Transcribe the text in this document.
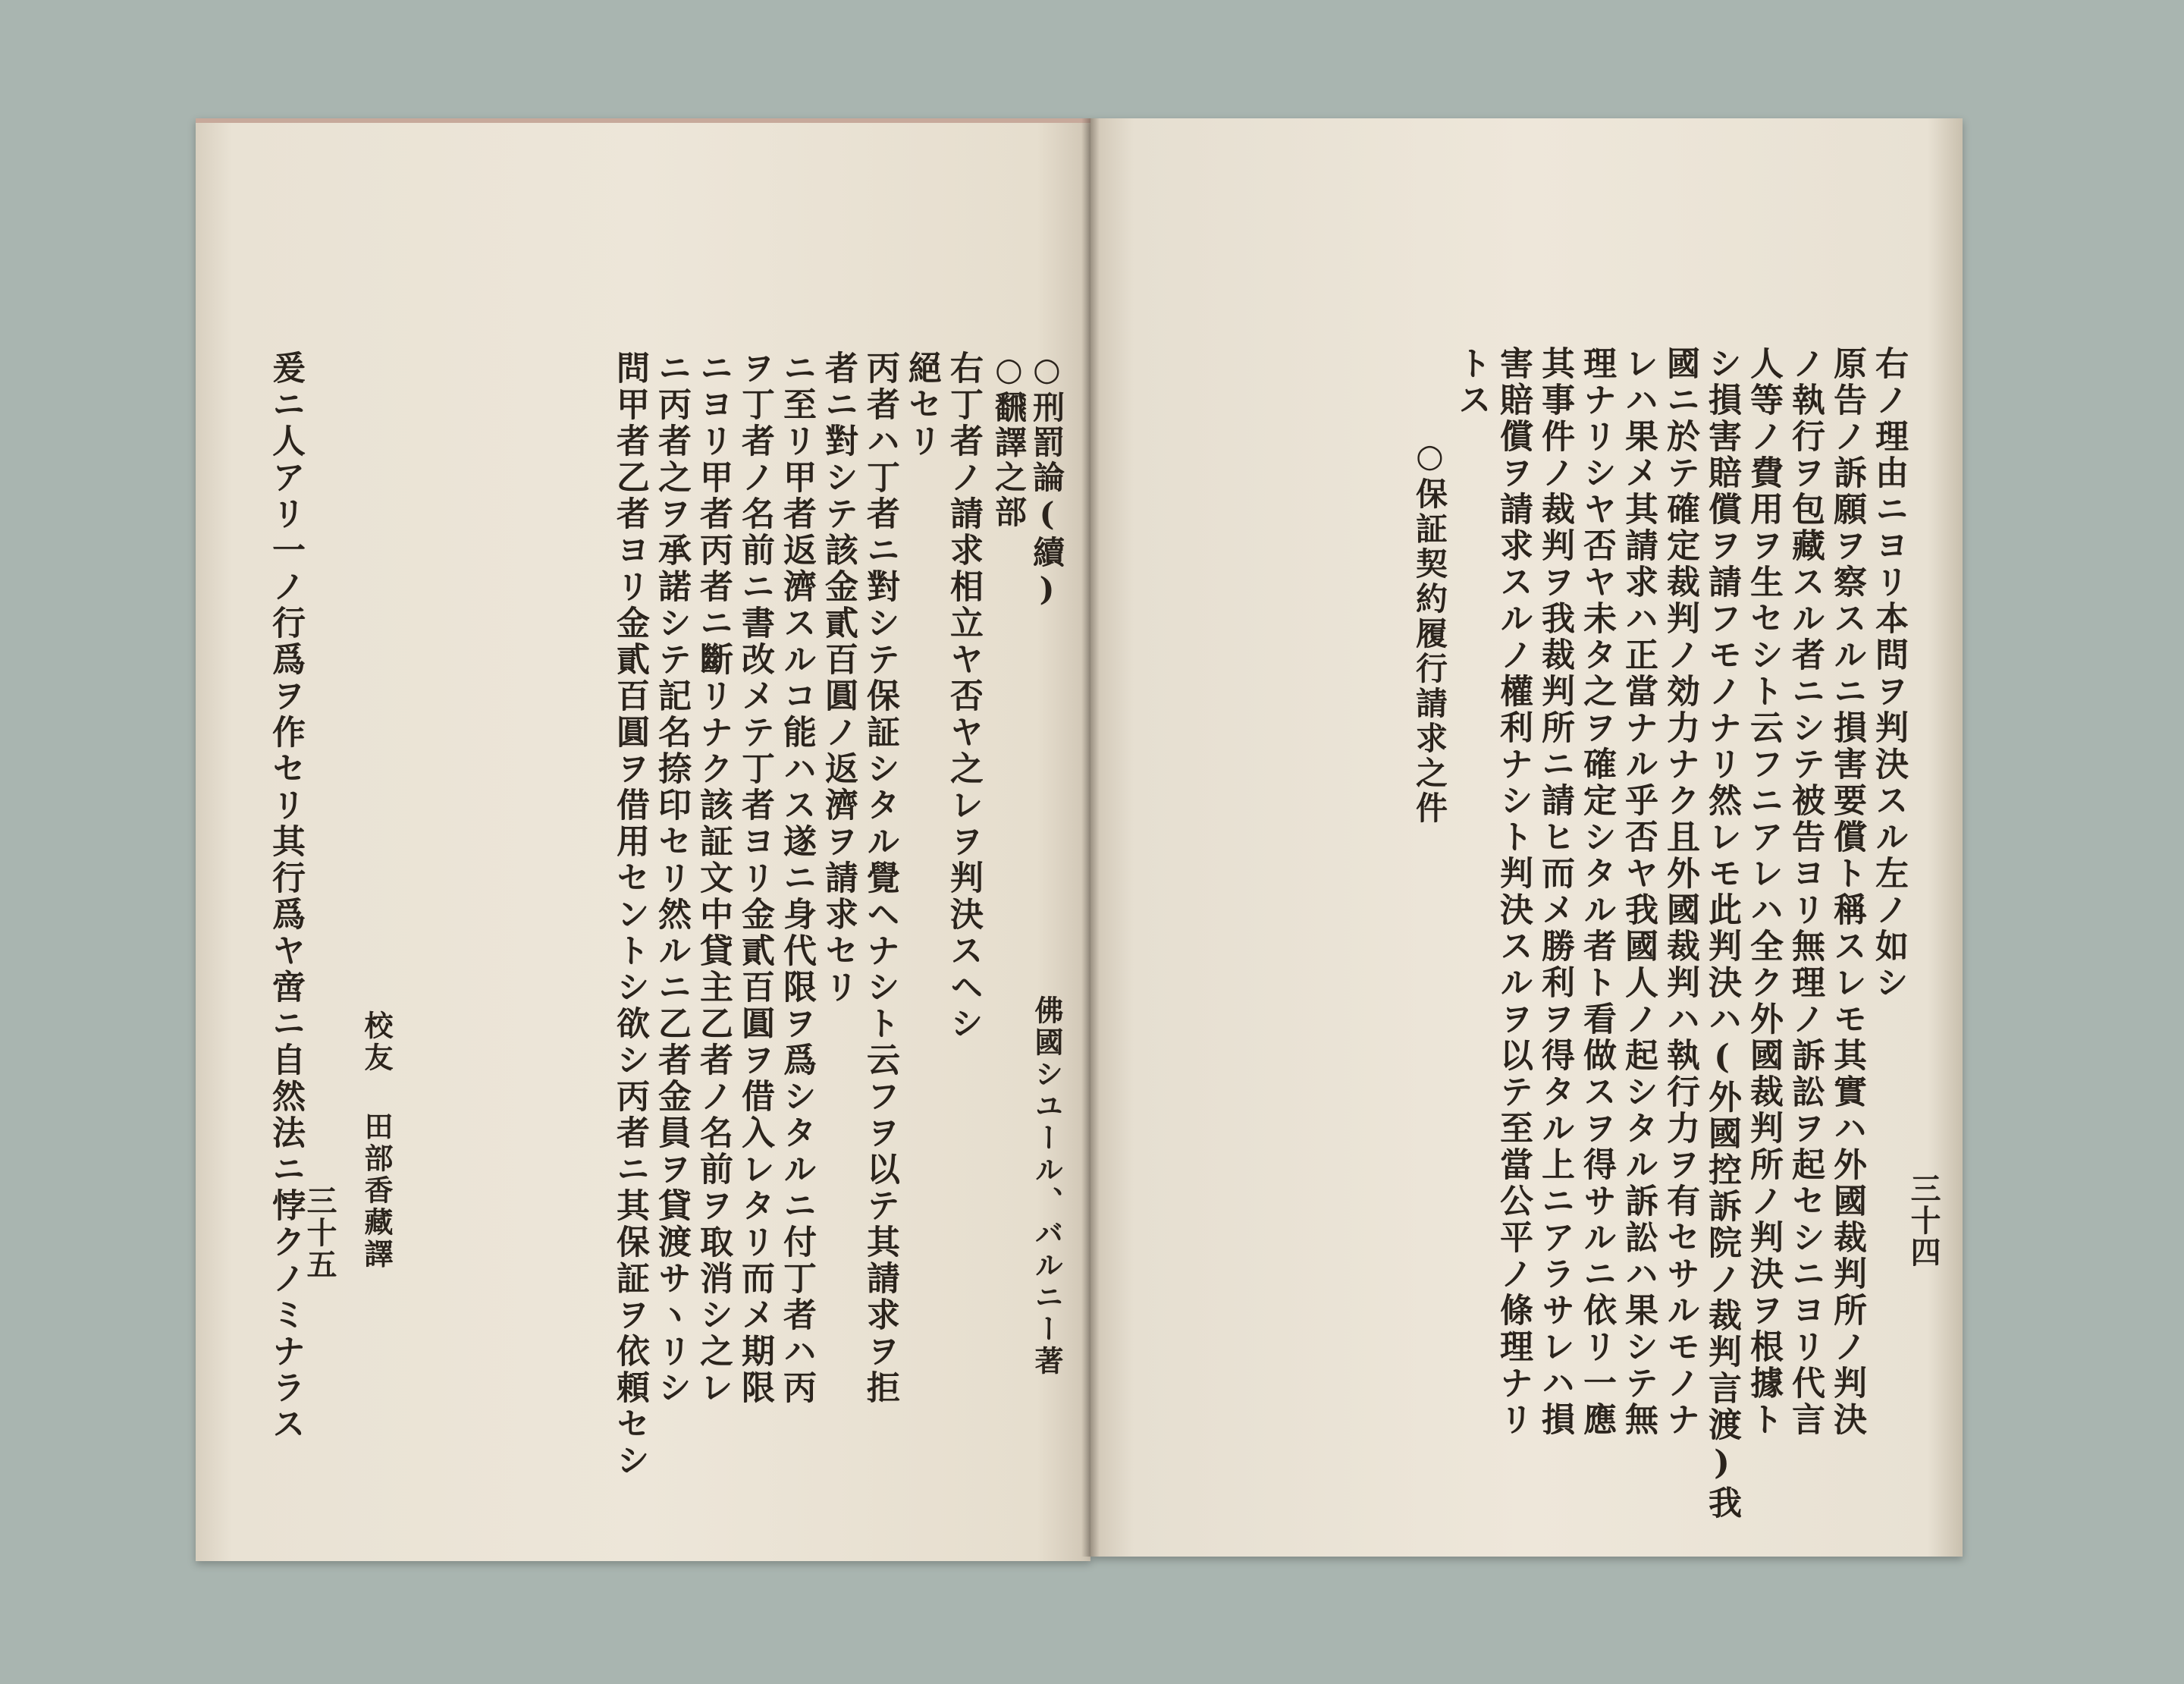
問甲者乙者ヨリ金貳百圓ヲ借用セントシ欲シ丙者ニ其保証ヲ依頼セシ ニ丙者之ヲ承諾シテ記名捺印セリ然ルニ乙者金員ヲ貸渡サヽリシ ニヨリ甲者丙者ニ斷リナク該証文中貸主乙者ノ名前ヲ取消シ之レ ヲ丁者ノ名前ニ書改メテ丁者ヨリ金貳百圓ヲ借入レタリ而メ期限 ニ至リ甲者返濟スルコ能ハス遂ニ身代限ヲ爲シタルニ付丁者ハ丙 者ニ對シテ該金貳百圓ノ返濟ヲ請求セリ 丙者ハ丁者ニ對シテ保証シタル覺ヘナシト云フヲ以テ其請求ヲ拒 絕セリ 右丁者ノ請求相立ヤ否ヤ之レヲ判決スヘシ ○飜譯之部 ○刑罰論(續)
爰ニ人アリ一ノ行爲ヲ作セリ其行爲ヤ啻ニ自然法ニ悖クノミナラス	佛國シユール、バルニー著
校友 田部香藏譯
三十五
右ノ理由ニヨリ本問ヲ判決スル左ノ如シ
原告ノ訴願ヲ察スルニ損害要償ト稱スレモ其實ハ外國裁判所ノ判決
ノ執行ヲ包藏スル者ニシテ被告ヨリ無理ノ訴訟ヲ起セシニヨリ代言
人等ノ費用ヲ生セシト云フニアレハ全ク外國裁判所ノ判決ヲ根據ト
シ損害賠償ヲ請フモノナリ然レモ此判決ハ(外國控訴院ノ裁判言渡)我
國ニ於テ確定裁判ノ効力ナク且外國裁判ハ執行力ヲ有セサルモノナ
レハ果メ其請求ハ正當ナル乎否ヤ我國人ノ起シタル訴訟ハ果シテ無
理ナリシヤ否ヤ未タ之ヲ確定シタル者ト看做スヲ得サルニ依リ一應
其事件ノ裁判ヲ我裁判所ニ請ヒ而メ勝利ヲ得タル上ニアラサレハ損
害賠償ヲ請求スルノ權利ナシト判決スルヲ以テ至當公平ノ條理ナリ
トス
○保証契約履行請求之件
三十四
